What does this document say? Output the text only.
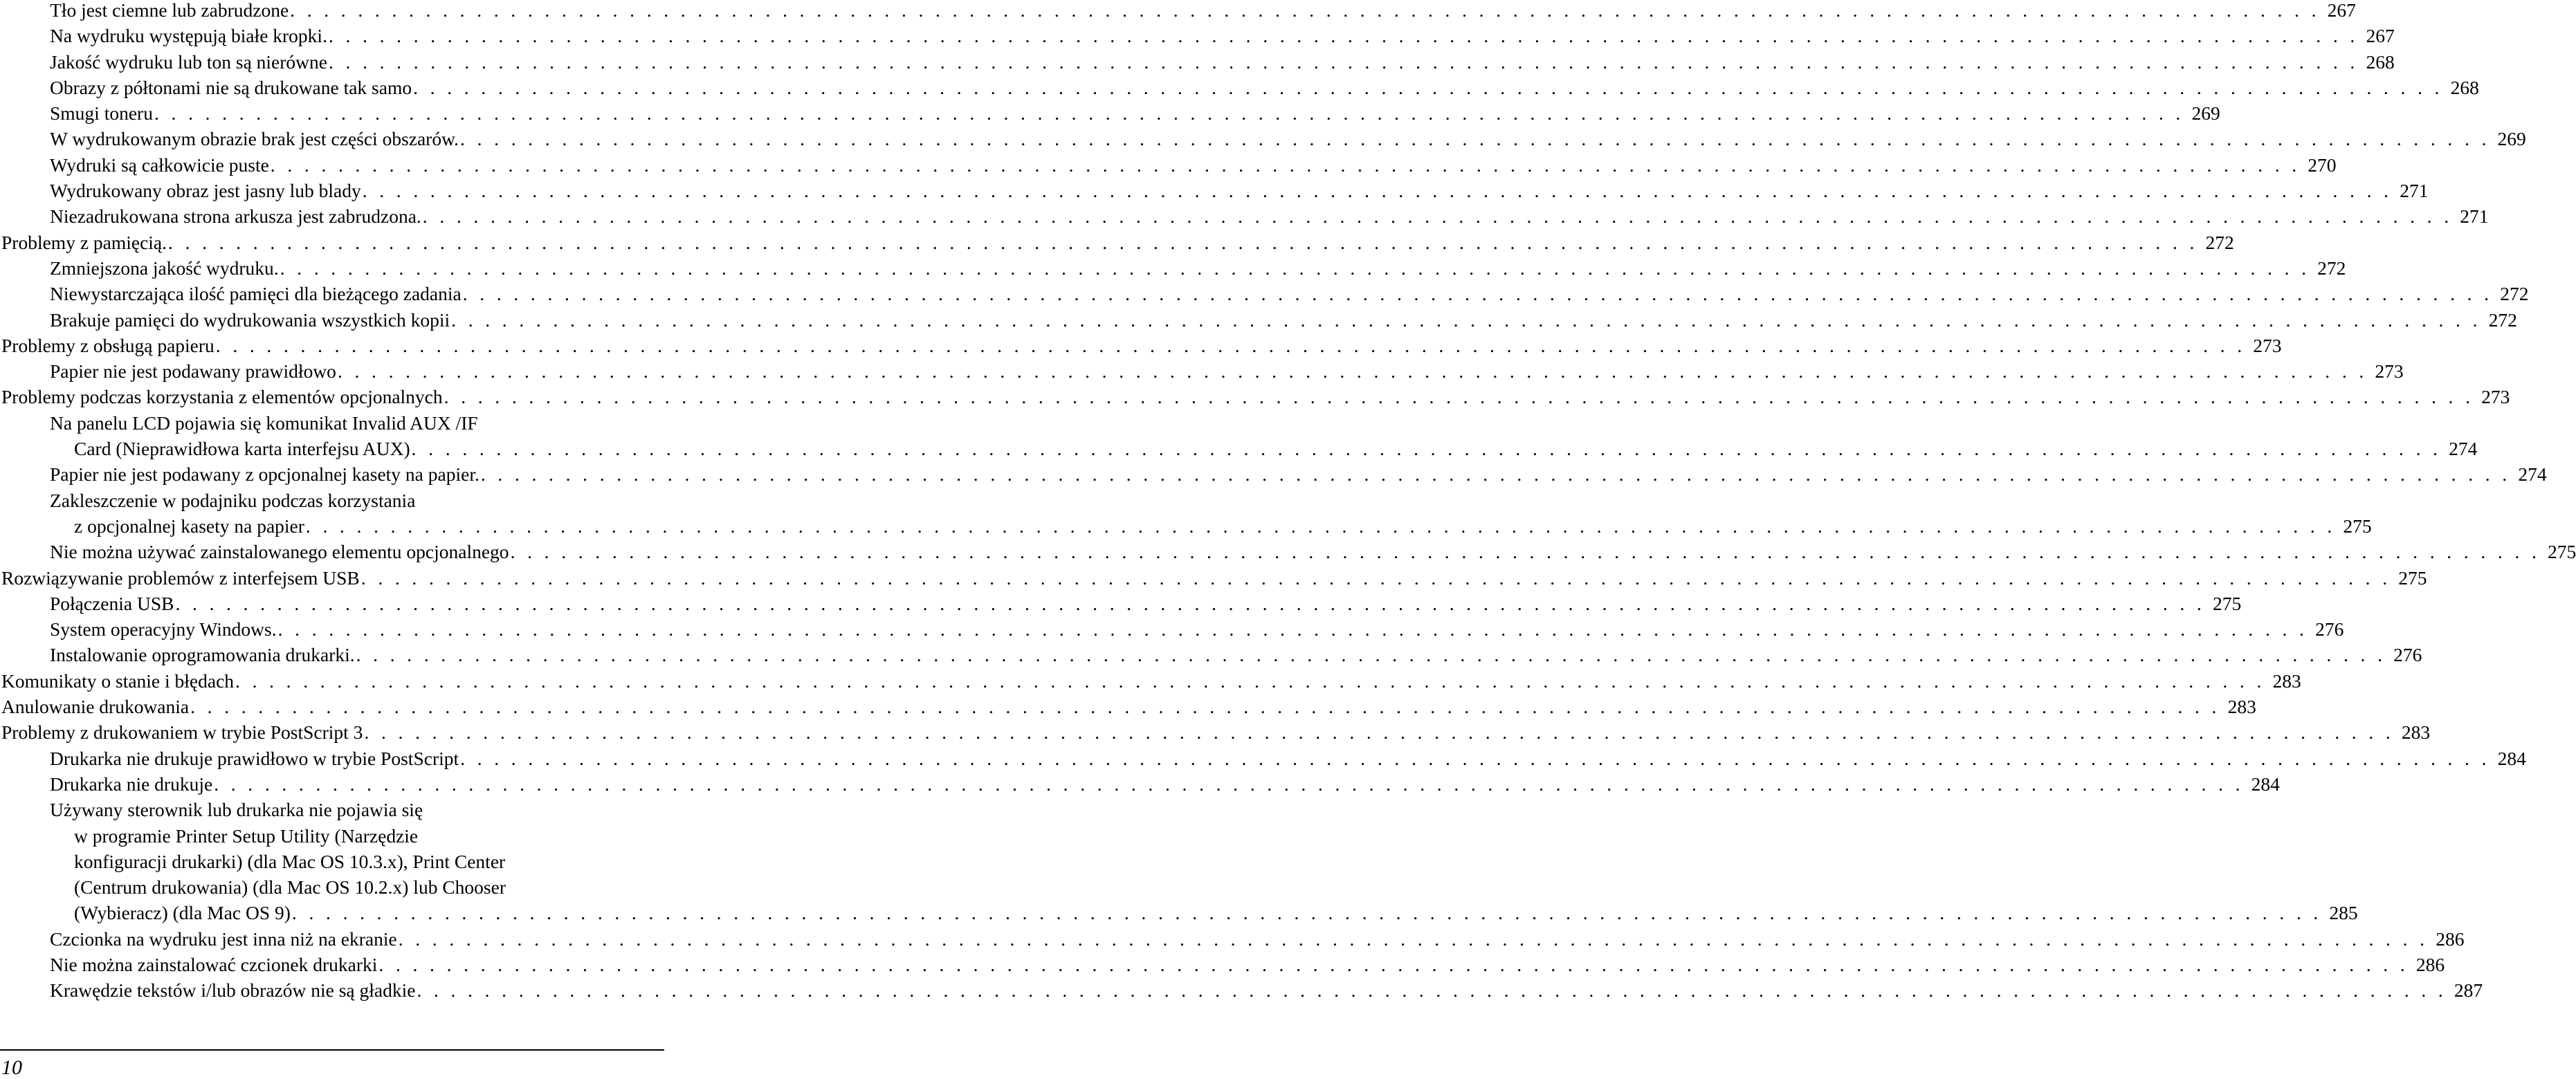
Tło jest ciemne lub zabrudzone . . . . . . . . . . . . . . . . . . . . . . . . . . . . . . . . . . . . . . . . . . . . . . . . . . . . . . . . . . . . . . . . . . . . . . . . . . . . . . . . . . . . . . . . . . . . . . . . . . . . . . . . . . . . . . . . . . . . . . . . 267
Na wydruku występują białe kropki. . . . . . . . . . . . . . . . . . . . . . . . . . . . . . . . . . . . . . . . . . . . . . . . . . . . . . . . . . . . . . . . . . . . . . . . . . . . . . . . . . . . . . . . . . . . . . . . . . . . . . . . . . . . . . . . . . . . . . . . . 267
Jakość wydruku lub ton są nierówne . . . . . . . . . . . . . . . . . . . . . . . . . . . . . . . . . . . . . . . . . . . . . . . . . . . . . . . . . . . . . . . . . . . . . . . . . . . . . . . . . . . . . . . . . . . . . . . . . . . . . . . . . . . . . . . . . . . . . . . . 268
Obrazy z półtonami nie są drukowane tak samo . . . . . . . . . . . . . . . . . . . . . . . . . . . . . . . . . . . . . . . . . . . . . . . . . . . . . . . . . . . . . . . . . . . . . . . . . . . . . . . . . . . . . . . . . . . . . . . . . . . . . . . . . . . . . . . . . . . . . . . . 268
Smugi toneru . . . . . . . . . . . . . . . . . . . . . . . . . . . . . . . . . . . . . . . . . . . . . . . . . . . . . . . . . . . . . . . . . . . . . . . . . . . . . . . . . . . . . . . . . . . . . . . . . . . . . . . . . . . . . . . . . . . . . . . . 269
W wydrukowanym obrazie brak jest części obszarów. . . . . . . . . . . . . . . . . . . . . . . . . . . . . . . . . . . . . . . . . . . . . . . . . . . . . . . . . . . . . . . . . . . . . . . . . . . . . . . . . . . . . . . . . . . . . . . . . . . . . . . . . . . . . . . . . . . . . . . . . 269
Wydruki są całkowicie puste . . . . . . . . . . . . . . . . . . . . . . . . . . . . . . . . . . . . . . . . . . . . . . . . . . . . . . . . . . . . . . . . . . . . . . . . . . . . . . . . . . . . . . . . . . . . . . . . . . . . . . . . . . . . . . . . . . . . . . . . 270
Wydrukowany obraz jest jasny lub blady . . . . . . . . . . . . . . . . . . . . . . . . . . . . . . . . . . . . . . . . . . . . . . . . . . . . . . . . . . . . . . . . . . . . . . . . . . . . . . . . . . . . . . . . . . . . . . . . . . . . . . . . . . . . . . . . . . . . . . . . 271
Niezadrukowana strona arkusza jest zabrudzona. . . . . . . . . . . . . . . . . . . . . . . . . . . . . . . . . . . . . . . . . . . . . . . . . . . . . . . . . . . . . . . . . . . . . . . . . . . . . . . . . . . . . . . . . . . . . . . . . . . . . . . . . . . . . . . . . . . . . . . . . 271
Problemy z pamięcią. . . . . . . . . . . . . . . . . . . . . . . . . . . . . . . . . . . . . . . . . . . . . . . . . . . . . . . . . . . . . . . . . . . . . . . . . . . . . . . . . . . . . . . . . . . . . . . . . . . . . . . . . . . . . . . . . . . . . . . . . 272
Zmniejszona jakość wydruku. . . . . . . . . . . . . . . . . . . . . . . . . . . . . . . . . . . . . . . . . . . . . . . . . . . . . . . . . . . . . . . . . . . . . . . . . . . . . . . . . . . . . . . . . . . . . . . . . . . . . . . . . . . . . . . . . . . . . . . . . 272
Niewystarczająca ilość pamięci dla bieżącego zadania . . . . . . . . . . . . . . . . . . . . . . . . . . . . . . . . . . . . . . . . . . . . . . . . . . . . . . . . . . . . . . . . . . . . . . . . . . . . . . . . . . . . . . . . . . . . . . . . . . . . . . . . . . . . . . . . . . . . . . . . 272
Brakuje pamięci do wydrukowania wszystkich kopii . . . . . . . . . . . . . . . . . . . . . . . . . . . . . . . . . . . . . . . . . . . . . . . . . . . . . . . . . . . . . . . . . . . . . . . . . . . . . . . . . . . . . . . . . . . . . . . . . . . . . . . . . . . . . . . . . . . . . . . . 272
Problemy z obsługą papieru . . . . . . . . . . . . . . . . . . . . . . . . . . . . . . . . . . . . . . . . . . . . . . . . . . . . . . . . . . . . . . . . . . . . . . . . . . . . . . . . . . . . . . . . . . . . . . . . . . . . . . . . . . . . . . . . . . . . . . . . 273
Papier nie jest podawany prawidłowo . . . . . . . . . . . . . . . . . . . . . . . . . . . . . . . . . . . . . . . . . . . . . . . . . . . . . . . . . . . . . . . . . . . . . . . . . . . . . . . . . . . . . . . . . . . . . . . . . . . . . . . . . . . . . . . . . . . . . . . . 273
Problemy podczas korzystania z elementów opcjonalnych . . . . . . . . . . . . . . . . . . . . . . . . . . . . . . . . . . . . . . . . . . . . . . . . . . . . . . . . . . . . . . . . . . . . . . . . . . . . . . . . . . . . . . . . . . . . . . . . . . . . . . . . . . . . . . . . . . . . . . . . 273
Na panelu LCD pojawia się komunikat Invalid AUX /IF
Card (Nieprawidłowa karta interfejsu AUX) . . . . . . . . . . . . . . . . . . . . . . . . . . . . . . . . . . . . . . . . . . . . . . . . . . . . . . . . . . . . . . . . . . . . . . . . . . . . . . . . . . . . . . . . . . . . . . . . . . . . . . . . . . . . . . . . . . . . . . . . 274
Papier nie jest podawany z opcjonalnej kasety na papier. . . . . . . . . . . . . . . . . . . . . . . . . . . . . . . . . . . . . . . . . . . . . . . . . . . . . . . . . . . . . . . . . . . . . . . . . . . . . . . . . . . . . . . . . . . . . . . . . . . . . . . . . . . . . . . . . . . . . . . . . 274
Zakleszczenie w podajniku podczas korzystania
z opcjonalnej kasety na papier . . . . . . . . . . . . . . . . . . . . . . . . . . . . . . . . . . . . . . . . . . . . . . . . . . . . . . . . . . . . . . . . . . . . . . . . . . . . . . . . . . . . . . . . . . . . . . . . . . . . . . . . . . . . . . . . . . . . . . . . 275
Nie można używać zainstalowanego elementu opcjonalnego . . . . . . . . . . . . . . . . . . . . . . . . . . . . . . . . . . . . . . . . . . . . . . . . . . . . . . . . . . . . . . . . . . . . . . . . . . . . . . . . . . . . . . . . . . . . . . . . . . . . . . . . . . . . . . . . . . . . . . . . 275
Rozwiązywanie problemów z interfejsem USB . . . . . . . . . . . . . . . . . . . . . . . . . . . . . . . . . . . . . . . . . . . . . . . . . . . . . . . . . . . . . . . . . . . . . . . . . . . . . . . . . . . . . . . . . . . . . . . . . . . . . . . . . . . . . . . . . . . . . . . . 275
Połączenia USB . . . . . . . . . . . . . . . . . . . . . . . . . . . . . . . . . . . . . . . . . . . . . . . . . . . . . . . . . . . . . . . . . . . . . . . . . . . . . . . . . . . . . . . . . . . . . . . . . . . . . . . . . . . . . . . . . . . . . . . . 275
System operacyjny Windows. . . . . . . . . . . . . . . . . . . . . . . . . . . . . . . . . . . . . . . . . . . . . . . . . . . . . . . . . . . . . . . . . . . . . . . . . . . . . . . . . . . . . . . . . . . . . . . . . . . . . . . . . . . . . . . . . . . . . . . . . 276
Instalowanie oprogramowania drukarki. . . . . . . . . . . . . . . . . . . . . . . . . . . . . . . . . . . . . . . . . . . . . . . . . . . . . . . . . . . . . . . . . . . . . . . . . . . . . . . . . . . . . . . . . . . . . . . . . . . . . . . . . . . . . . . . . . . . . . . . . 276
Komunikaty o stanie i błędach . . . . . . . . . . . . . . . . . . . . . . . . . . . . . . . . . . . . . . . . . . . . . . . . . . . . . . . . . . . . . . . . . . . . . . . . . . . . . . . . . . . . . . . . . . . . . . . . . . . . . . . . . . . . . . . . . . . . . . . . 283
Anulowanie drukowania . . . . . . . . . . . . . . . . . . . . . . . . . . . . . . . . . . . . . . . . . . . . . . . . . . . . . . . . . . . . . . . . . . . . . . . . . . . . . . . . . . . . . . . . . . . . . . . . . . . . . . . . . . . . . . . . . . . . . . . . 283
Problemy z drukowaniem w trybie PostScript 3 . . . . . . . . . . . . . . . . . . . . . . . . . . . . . . . . . . . . . . . . . . . . . . . . . . . . . . . . . . . . . . . . . . . . . . . . . . . . . . . . . . . . . . . . . . . . . . . . . . . . . . . . . . . . . . . . . . . . . . . . 283
Drukarka nie drukuje prawidłowo w trybie PostScript . . . . . . . . . . . . . . . . . . . . . . . . . . . . . . . . . . . . . . . . . . . . . . . . . . . . . . . . . . . . . . . . . . . . . . . . . . . . . . . . . . . . . . . . . . . . . . . . . . . . . . . . . . . . . . . . . . . . . . . . 284
Drukarka nie drukuje . . . . . . . . . . . . . . . . . . . . . . . . . . . . . . . . . . . . . . . . . . . . . . . . . . . . . . . . . . . . . . . . . . . . . . . . . . . . . . . . . . . . . . . . . . . . . . . . . . . . . . . . . . . . . . . . . . . . . . . . 284
Używany sterownik lub drukarka nie pojawia się
w programie Printer Setup Utility (Narzędzie
konfiguracji drukarki) (dla Mac OS 10.3.x), Print Center
(Centrum drukowania) (dla Mac OS 10.2.x) lub Chooser
(Wybieracz) (dla Mac OS 9) . . . . . . . . . . . . . . . . . . . . . . . . . . . . . . . . . . . . . . . . . . . . . . . . . . . . . . . . . . . . . . . . . . . . . . . . . . . . . . . . . . . . . . . . . . . . . . . . . . . . . . . . . . . . . . . . . . . . . . . . 285
Czcionka na wydruku jest inna niż na ekranie . . . . . . . . . . . . . . . . . . . . . . . . . . . . . . . . . . . . . . . . . . . . . . . . . . . . . . . . . . . . . . . . . . . . . . . . . . . . . . . . . . . . . . . . . . . . . . . . . . . . . . . . . . . . . . . . . . . . . . . . 286
Nie można zainstalować czcionek drukarki . . . . . . . . . . . . . . . . . . . . . . . . . . . . . . . . . . . . . . . . . . . . . . . . . . . . . . . . . . . . . . . . . . . . . . . . . . . . . . . . . . . . . . . . . . . . . . . . . . . . . . . . . . . . . . . . . . . . . . . . 286
Krawędzie tekstów i/lub obrazów nie są gładkie . . . . . . . . . . . . . . . . . . . . . . . . . . . . . . . . . . . . . . . . . . . . . . . . . . . . . . . . . . . . . . . . . . . . . . . . . . . . . . . . . . . . . . . . . . . . . . . . . . . . . . . . . . . . . . . . . . . . . . . . 287
10
